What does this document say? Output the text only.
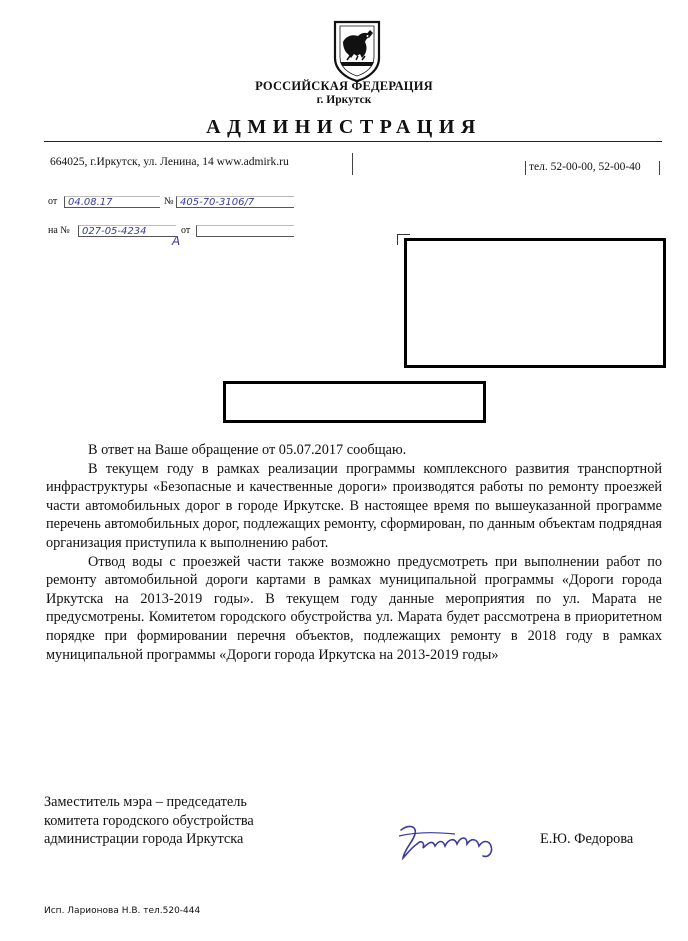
РОССИЙСКАЯ ФЕДЕРАЦИЯ
г. Иркутск
АДМИНИСТРАЦИЯ
664025, г.Иркутск, ул. Ленина, 14 www.admirk.ru	тел. 52-00-00, 52-00-40
от	04.08.17	№ 405-70-3106/7
на №	027-05-4234
А
от

В ответ на Ваше обращение от 05.07.2017 сообщаю.

В текущем году в рамках реализации программы комплексного развития транспортной инфраструктуры «Безопасные и качественные дороги» производятся работы по ремонту проезжей части автомобильных дорог в городе Иркутске. В настоящее время по вышеуказанной программе перечень автомобильных дорог, подлежащих ремонту, сформирован, по данным объектам подрядная организация приступила к выполнению работ.

Отвод воды с проезжей части также возможно предусмотреть при выполнении работ по ремонту автомобильной дороги картами в рамках муниципальной программы «Дороги города Иркутска на 2013-2019 годы». В текущем году данные мероприятия по ул. Марата не предусмотрены. Комитетом городского обустройства ул. Марата будет рассмотрена в приоритетном порядке при формировании перечня объектов, подлежащих ремонту в 2018 году в рамках муниципальной программы «Дороги города Иркутска на 2013-2019 годы»

Заместитель мэра – председатель
комитета городского обустройства
администрации города Иркутска	Е.Ю. Федорова
Исп. Ларионова Н.В. тел.520-444
